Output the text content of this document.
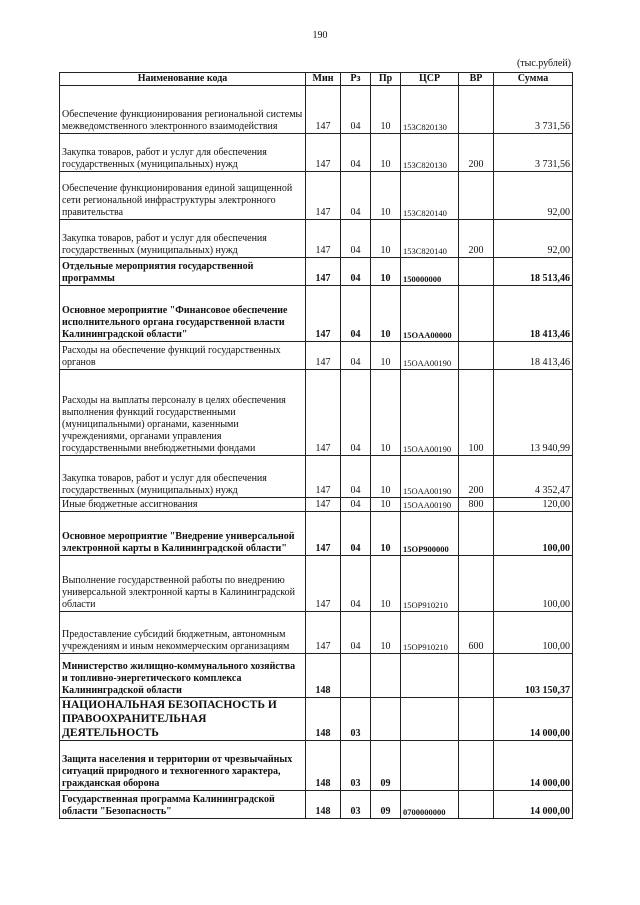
190
(тыс.рублей)
Наименование кода	Мин	Рз	Пр	ЦСР	ВР	Сумма
Обеспечение функционирования региональной системы межведомственного электронного взаимодействия	147	04	10	153C820130		3 731,56
Закупка товаров, работ и услуг для обеспечения государственных (муниципальных) нужд	147	04	10	153C820130	200	3 731,56
Обеспечение функционирования единой защищенной сети региональной инфраструктуры электронного правительства	147	04	10	153C820140		92,00
Закупка товаров, работ и услуг для обеспечения государственных (муниципальных) нужд	147	04	10	153C820140	200	92,00
Отдельные мероприятия государственной программы	147	04	10	150000000		18 513,46
Основное мероприятие "Финансовое обеспечение исполнительного органа государственной власти Калининградской области"	147	04	10	15OAA00000		18 413,46
Расходы на обеспечение функций государственных органов	147	04	10	15OAA00190		18 413,46
Расходы на выплаты персоналу в целях обеспечения выполнения функций государственными (муниципальными) органами, казенными учреждениями, органами управления государственными внебюджетными фондами	147	04	10	15OAA00190	100	13 940,99
Закупка товаров, работ и услуг для обеспечения государственных (муниципальных) нужд	147	04	10	15OAA00190	200	4 352,47
Иные бюджетные ассигнования	147	04	10	15OAA00190	800	120,00
Основное мероприятие "Внедрение универсальной электронной карты в Калининградской области"	147	04	10	15OP900000		100,00
Выполнение государственной работы по внедрению универсальной электронной карты в Калининградской области	147	04	10	15OP910210		100,00
Предоставление субсидий бюджетным, автономным учреждениям и иным некоммерческим организациям	147	04	10	15OP910210	600	100,00
Министерство жилищно-коммунального хозяйства и топливно-энергетического комплекса Калининградской области	148					103 150,37
НАЦИОНАЛЬНАЯ БЕЗОПАСНОСТЬ И ПРАВООХРАНИТЕЛЬНАЯ ДЕЯТЕЛЬНОСТЬ	148	03				14 000,00
Защита населения и территории от чрезвычайных ситуаций природного и техногенного характера, гражданская оборона	148	03	09			14 000,00
Государственная программа Калининградской области "Безопасность"	148	03	09	0700000000		14 000,00
